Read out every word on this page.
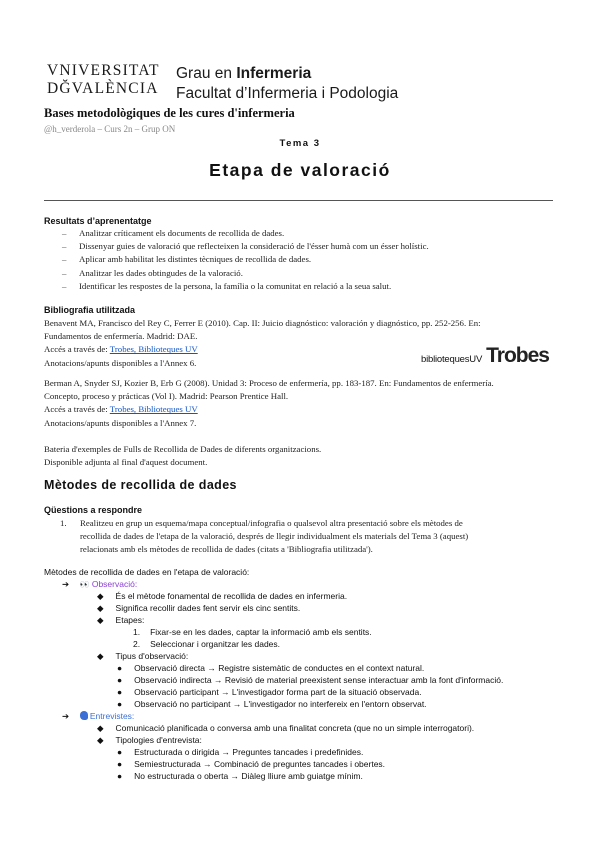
VNIVERSITAT
DĞVALÈNCIA
Grau en Infermeria
Facultat d’Infermeria i Podologia
Bases metodològiques de les cures d'infermeria
@h_verderola – Curs 2n – Grup ON
Tema 3
Etapa de valoració
Resultats d’aprenentatge
– Analitzar críticament els documents de recollida de dades.
– Dissenyar guies de valoració que reflecteixen la consideració de l'ésser humà com un ésser holístic.
– Aplicar amb habilitat les distintes tècniques de recollida de dades.
– Analitzar les dades obtingudes de la valoració.
– Identificar les respostes de la persona, la família o la comunitat en relació a la seua salut.
Bibliografia utilitzada
Benavent MA, Francisco del Rey C, Ferrer E (2010). Cap. II: Juicio diagnóstico: valoración y diagnóstico, pp. 252-256. En:
Fundamentos de enfermería. Madrid: DAE.
Accés a través de: Trobes, Biblioteques UV
Anotacions/apunts disponibles a l'Annex 6.	bibliotequesUV Trobes
Berman A, Snyder SJ, Kozier B, Erb G (2008). Unidad 3: Proceso de enfermería, pp. 183-187. En: Fundamentos de enfermería.
Concepto, proceso y prácticas (Vol I). Madrid: Pearson Prentice Hall.
Accés a través de: Trobes, Biblioteques UV
Anotacions/apunts disponibles a l'Annex 7.
Bateria d'exemples de Fulls de Recollida de Dades de diferents organitzacions.
Disponible adjunta al final d'aquest document.
Mètodes de recollida de dades
Qüestions a respondre
1. Realitzeu en grup un esquema/mapa conceptual/infografia o qualsevol altra presentació sobre els mètodes de
recollida de dades de l'etapa de la valoració, després de llegir individualment els materials del Tema 3 (aquest)
relacionats amb els mètodes de recollida de dades (citats a 'Bibliografia utilitzada').
Mètodes de recollida de dades en l'etapa de valoració:
➔ 👀 Observació:
◆ És el mètode fonamental de recollida de dades en infermeria.
◆ Significa recollir dades fent servir els cinc sentits.
◆ Etapes:
1. Fixar-se en les dades, captar la informació amb els sentits.
2. Seleccionar i organitzar les dades.
◆ Tipus d'observació:
● Observació directa → Registre sistemàtic de conductes en el context natural.
● Observació indirecta → Revisió de material preexistent sense interactuar amb la font d'informació.
● Observació participant → L'investigador forma part de la situació observada.
● Observació no participant → L'investigador no interfereix en l'entorn observat.
➔ Entrevistes:
◆ Comunicació planificada o conversa amb una finalitat concreta (que no un simple interrogatori).
◆ Tipologies d'entrevista:
● Estructurada o dirigida → Preguntes tancades i predefinides.
● Semiestructurada → Combinació de preguntes tancades i obertes.
● No estructurada o oberta → Diàleg lliure amb guiatge mínim.
